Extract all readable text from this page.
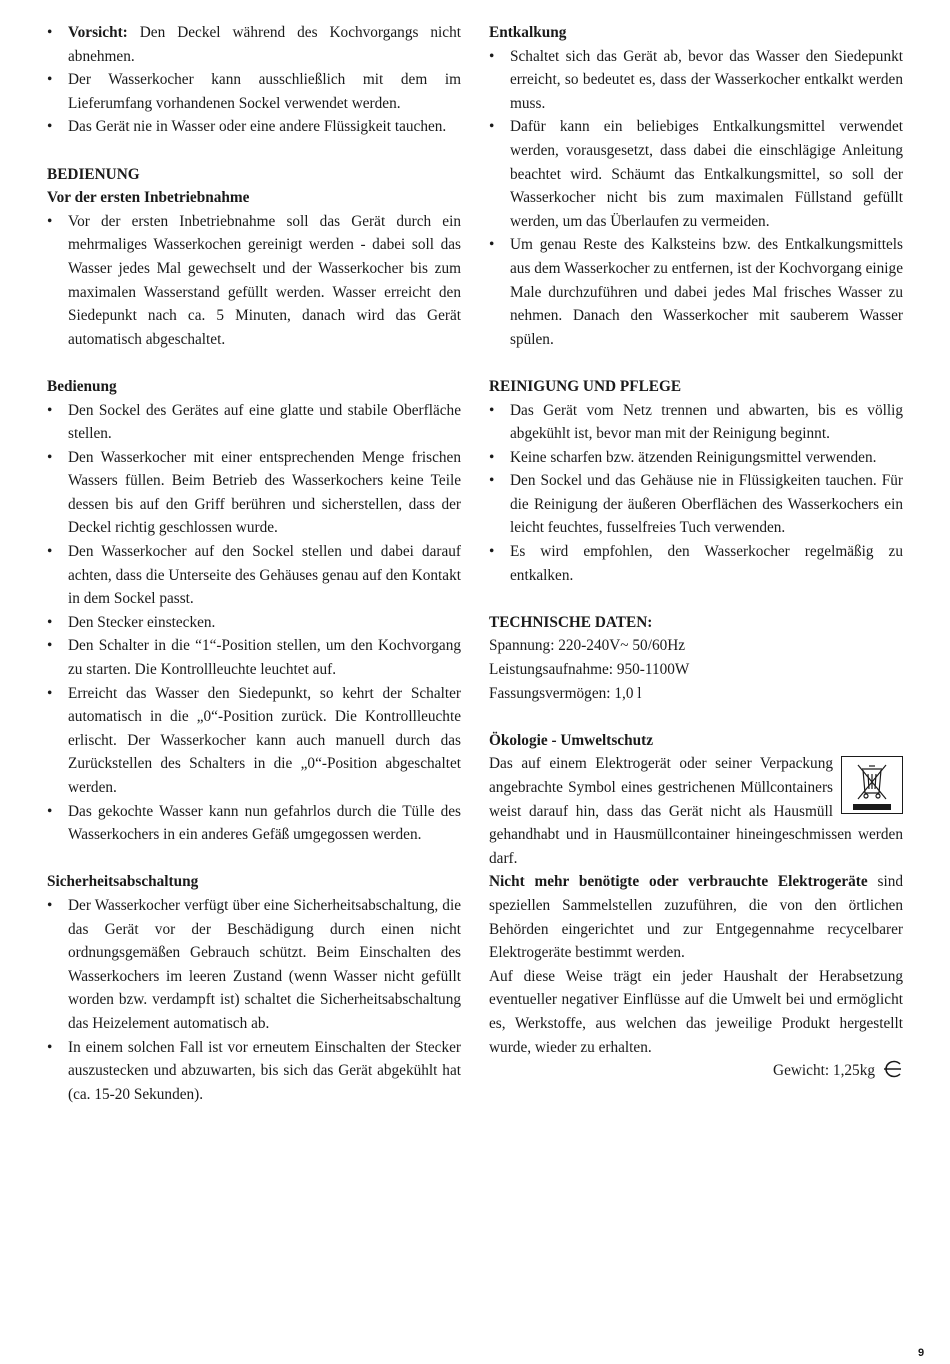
• Vorsicht: Den Deckel während des Kochvorgangs nicht abnehmen.
• Der Wasserkocher kann ausschließlich mit dem im Lieferumfang vorhandenen Sockel verwendet werden.
• Das Gerät nie in Wasser oder eine andere Flüssigkeit tauchen.

BEDIENUNG

Vor der ersten Inbetriebnahme

• Vor der ersten Inbetriebnahme soll das Gerät durch ein mehrmaliges Wasserkochen gereinigt werden - dabei soll das Wasser jedes Mal gewechselt und der Wasserkocher bis zum maximalen Wasserstand gefüllt werden. Wasser erreicht den Siedepunkt nach ca. 5 Minuten, danach wird das Gerät automatisch abgeschaltet.

Bedienung

• Den Sockel des Gerätes auf eine glatte und stabile Oberfläche stellen.
• Den Wasserkocher mit einer entsprechenden Menge frischen Wassers füllen. Beim Betrieb des Wasserkochers keine Teile dessen bis auf den Griff berühren und sicherstellen, dass der Deckel richtig geschlossen wurde.
• Den Wasserkocher auf den Sockel stellen und dabei darauf achten, dass die Unterseite des Gehäuses genau auf den Kontakt in dem Sockel passt.
• Den Stecker einstecken.
• Den Schalter in die “1“-Position stellen, um den Kochvorgang zu starten. Die Kontrollleuchte leuchtet auf.
• Erreicht das Wasser den Siedepunkt, so kehrt der Schalter automatisch in die „0“-Position zurück. Die Kontrollleuchte erlischt. Der Wasserkocher kann auch manuell durch das Zurückstellen des Schalters in die „0“-Position abgeschaltet werden.
• Das gekochte Wasser kann nun gefahrlos durch die Tülle des Wasserkochers in ein anderes Gefäß umgegossen werden.

Sicherheitsabschaltung

• Der Wasserkocher verfügt über eine Sicherheitsabschaltung, die das Gerät vor der Beschädigung durch einen nicht ordnungsgemäßen Gebrauch schützt. Beim Einschalten des Wasserkochers im leeren Zustand (wenn Wasser nicht gefüllt worden bzw. verdampft ist) schaltet die Sicherheitsabschaltung das Heizelement automatisch ab.
• In einem solchen Fall ist vor erneutem Einschalten der Stecker auszustecken und abzuwarten, bis sich das Gerät abgekühlt hat (ca. 15-20 Sekunden).

Entkalkung

• Schaltet sich das Gerät ab, bevor das Wasser den Siedepunkt erreicht, so bedeutet es, dass der Wasserkocher entkalkt werden muss.
• Dafür kann ein beliebiges Entkalkungsmittel verwendet werden, vorausgesetzt, dass dabei die einschlägige Anleitung beachtet wird. Schäumt das Entkalkungsmittel, so soll der Wasserkocher nicht bis zum maximalen Füllstand gefüllt werden, um das Überlaufen zu vermeiden.
• Um genau Reste des Kalksteins bzw. des Entkalkungsmittels aus dem Wasserkocher zu entfernen, ist der Kochvorgang einige Male durchzuführen und dabei jedes Mal frisches Wasser zu nehmen. Danach den Wasserkocher mit sauberem Wasser spülen.

REINIGUNG UND PFLEGE

• Das Gerät vom Netz trennen und abwarten, bis es völlig abgekühlt ist, bevor man mit der Reinigung beginnt.
• Keine scharfen bzw. ätzenden Reinigungsmittel verwenden.
• Den Sockel und das Gehäuse nie in Flüssigkeiten tauchen. Für die Reinigung der äußeren Oberflächen des Wasserkochers ein leicht feuchtes, fusselfreies Tuch verwenden.
• Es wird empfohlen, den Wasserkocher regelmäßig zu entkalken.

TECHNISCHE DATEN:

Spannung: 220-240V~ 50/60Hz

Leistungsaufnahme: 950-1100W

Fassungsvermögen: 1,0 l

Ökologie - Umweltschutz

Das auf einem Elektrogerät oder seiner Verpackung angebrachte Symbol eines gestrichenen Müllcontainers weist darauf hin, dass das Gerät nicht als Hausmüll gehandhabt und in Hausmüllcontainer hineingeschmissen werden darf.

Nicht mehr benötigte oder verbrauchte Elektrogeräte sind speziellen Sammelstellen zuzuführen, die von den örtlichen Behörden eingerichtet und zur Entgegennahme recycelbarer Elektrogeräte bestimmt werden.

Auf diese Weise trägt ein jeder Haushalt der Herabsetzung eventueller negativer Einflüsse auf die Umwelt bei und ermöglicht es, Werkstoffe, aus welchen das jeweilige Produkt hergestellt wurde, wieder zu erhalten.

Gewicht: 1,25kg

9
